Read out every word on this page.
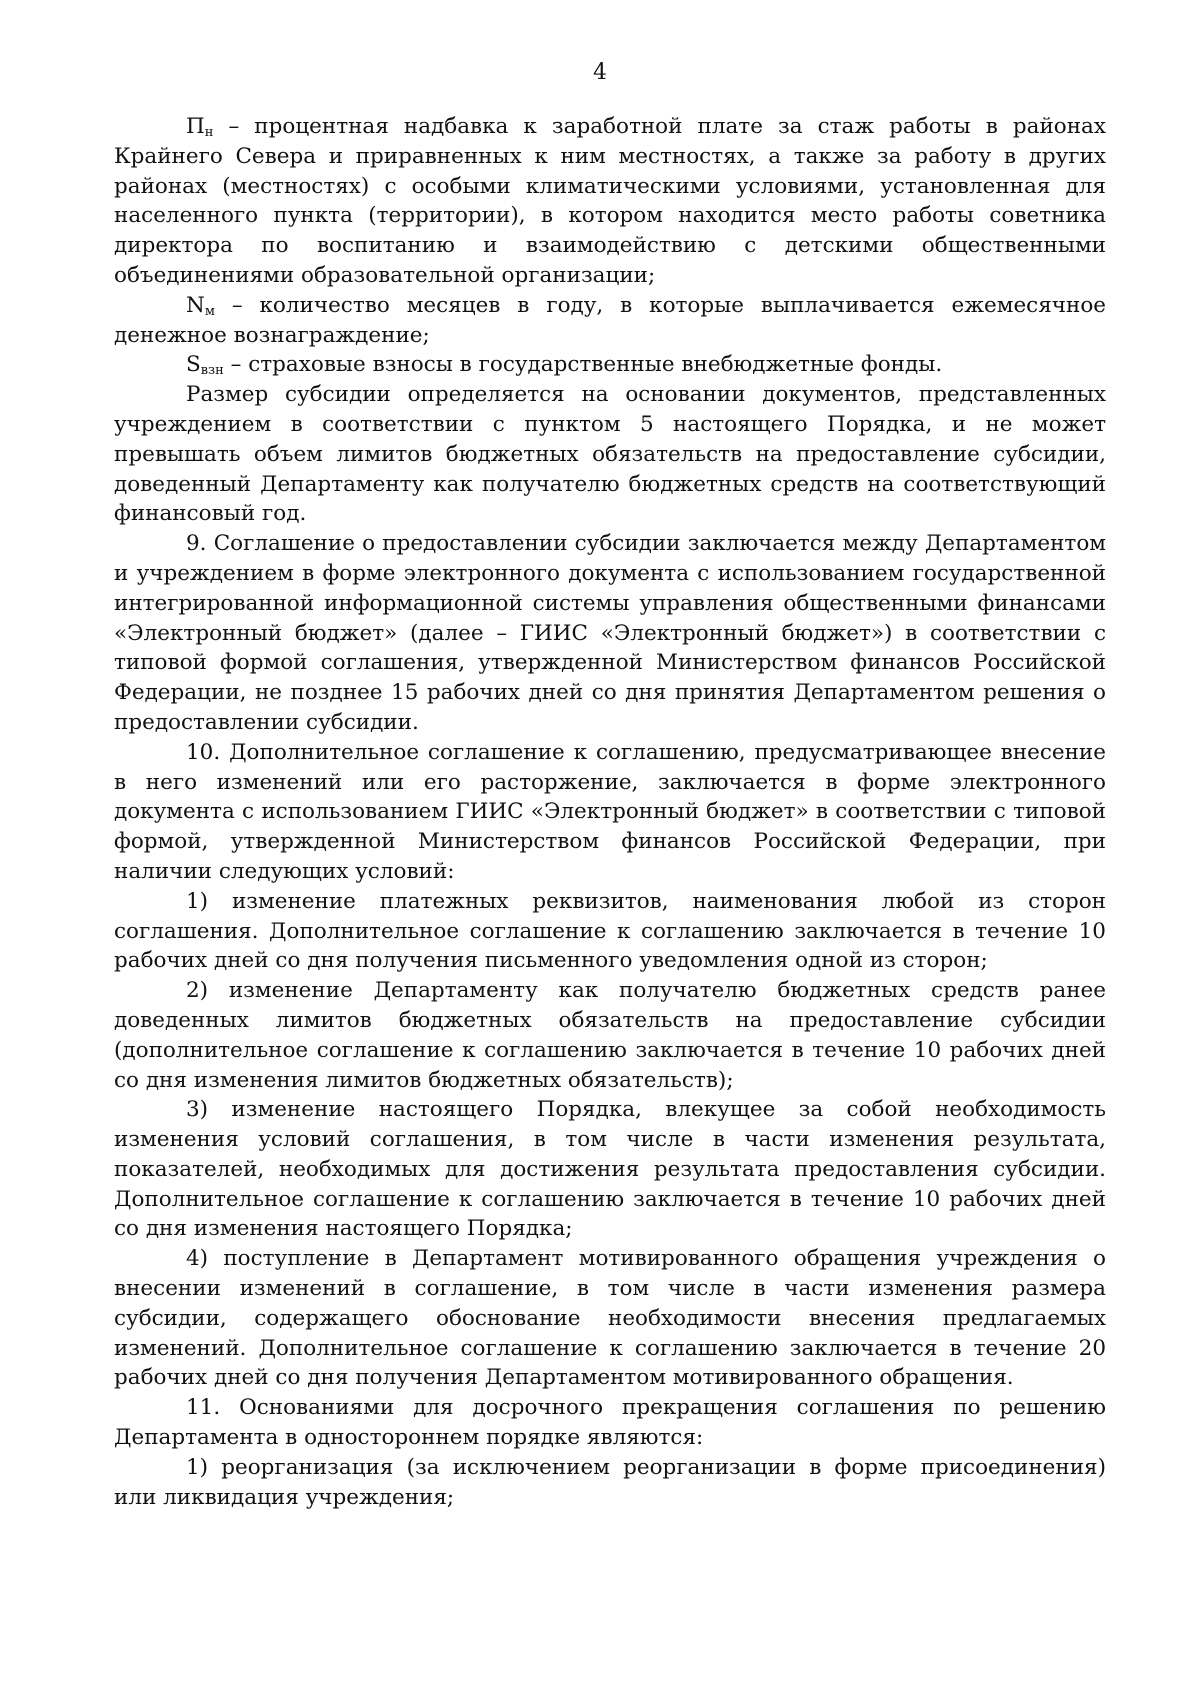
4

$П_н$ – процентная надбавка к заработной плате за стаж работы в районах Крайнего Севера и приравненных к ним местностях, а также за работу в других районах (местностях) с особыми климатическими условиями, установленная для населенного пункта (территории), в котором находится место работы советника директора по воспитанию и взаимодействию с детскими общественными объединениями образовательной организации;

$N_м$ – количество месяцев в году, в которые выплачивается ежемесячное денежное вознаграждение;

$S_{взн}$ – страховые взносы в государственные внебюджетные фонды.

Размер субсидии определяется на основании документов, представленных учреждением в соответствии с пунктом 5 настоящего Порядка, и не может превышать объем лимитов бюджетных обязательств на предоставление субсидии, доведенный Департаменту как получателю бюджетных средств на соответствующий финансовый год.

9. Соглашение о предоставлении субсидии заключается между Департаментом и учреждением в форме электронного документа с использованием государственной интегрированной информационной системы управления общественными финансами «Электронный бюджет» (далее – ГИИС «Электронный бюджет») в соответствии с типовой формой соглашения, утвержденной Министерством финансов Российской Федерации, не позднее 15 рабочих дней со дня принятия Департаментом решения о предоставлении субсидии.

10. Дополнительное соглашение к соглашению, предусматривающее внесение в него изменений или его расторжение, заключается в форме электронного документа с использованием ГИИС «Электронный бюджет» в соответствии с типовой формой, утвержденной Министерством финансов Российской Федерации, при наличии следующих условий:

1) изменение платежных реквизитов, наименования любой из сторон соглашения. Дополнительное соглашение к соглашению заключается в течение 10 рабочих дней со дня получения письменного уведомления одной из сторон;

2) изменение Департаменту как получателю бюджетных средств ранее доведенных лимитов бюджетных обязательств на предоставление субсидии (дополнительное соглашение к соглашению заключается в течение 10 рабочих дней со дня изменения лимитов бюджетных обязательств);

3) изменение настоящего Порядка, влекущее за собой необходимость изменения условий соглашения, в том числе в части изменения результата, показателей, необходимых для достижения результата предоставления субсидии. Дополнительное соглашение к соглашению заключается в течение 10 рабочих дней со дня изменения настоящего Порядка;

4) поступление в Департамент мотивированного обращения учреждения о внесении изменений в соглашение, в том числе в части изменения размера субсидии, содержащего обоснование необходимости внесения предлагаемых изменений. Дополнительное соглашение к соглашению заключается в течение 20 рабочих дней со дня получения Департаментом мотивированного обращения.

11. Основаниями для досрочного прекращения соглашения по решению Департамента в одностороннем порядке являются:

1) реорганизация (за исключением реорганизации в форме присоединения) или ликвидация учреждения;
